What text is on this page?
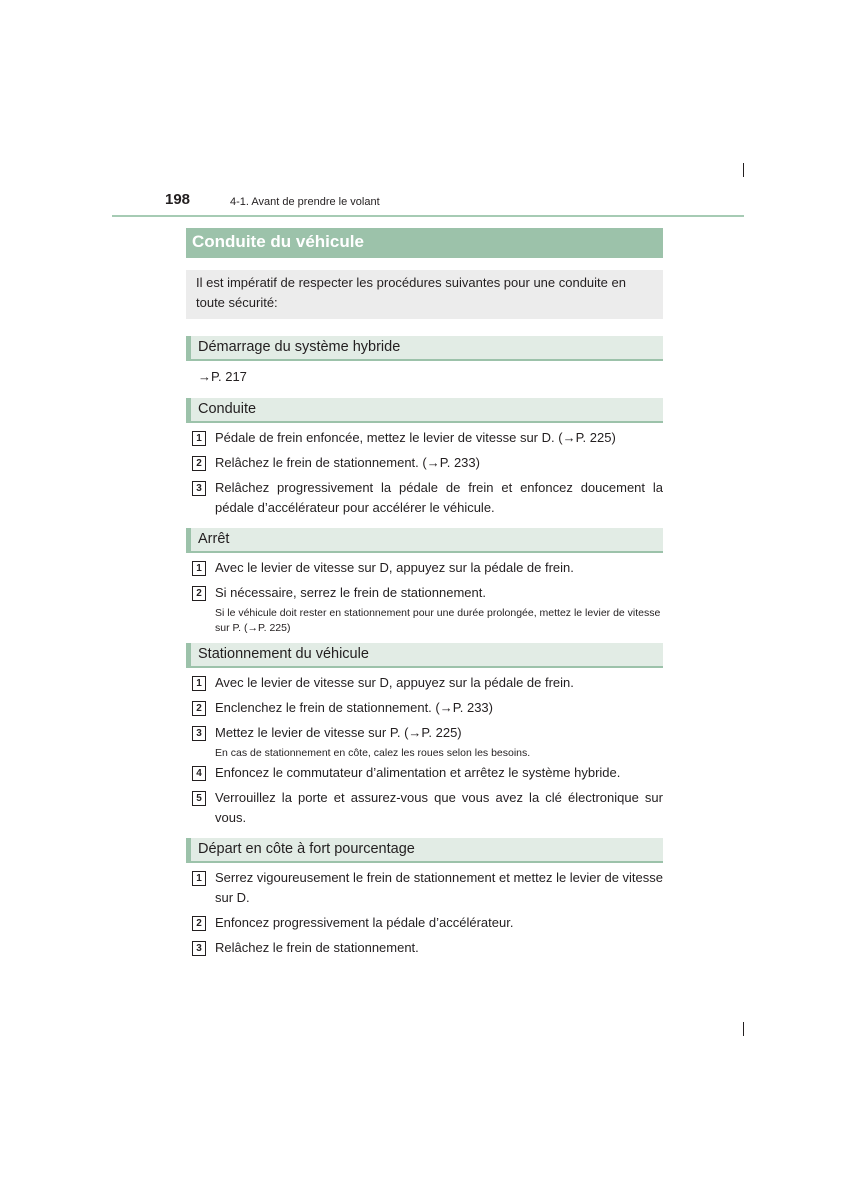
198	4-1. Avant de prendre le volant
Conduite du véhicule
Il est impératif de respecter les procédures suivantes pour une conduite en toute sécurité:
Démarrage du système hybride
→P. 217
Conduite
1	Pédale de frein enfoncée, mettez le levier de vitesse sur D. (→P. 225)
2	Relâchez le frein de stationnement. (→P. 233)
3	Relâchez progressivement la pédale de frein et enfoncez doucement la pédale d’accélérateur pour accélérer le véhicule.
Arrêt
1	Avec le levier de vitesse sur D, appuyez sur la pédale de frein.
2	Si nécessaire, serrez le frein de stationnement.
Si le véhicule doit rester en stationnement pour une durée prolongée, mettez le levier de vitesse sur P. (→P. 225)
Stationnement du véhicule
1	Avec le levier de vitesse sur D, appuyez sur la pédale de frein.
2	Enclenchez le frein de stationnement. (→P. 233)
3	Mettez le levier de vitesse sur P. (→P. 225)
En cas de stationnement en côte, calez les roues selon les besoins.
4	Enfoncez le commutateur d’alimentation et arrêtez le système hybride.
5	Verrouillez la porte et assurez-vous que vous avez la clé électronique sur vous.
Départ en côte à fort pourcentage
1	Serrez vigoureusement le frein de stationnement et mettez le levier de vitesse sur D.
2	Enfoncez progressivement la pédale d’accélérateur.
3	Relâchez le frein de stationnement.
